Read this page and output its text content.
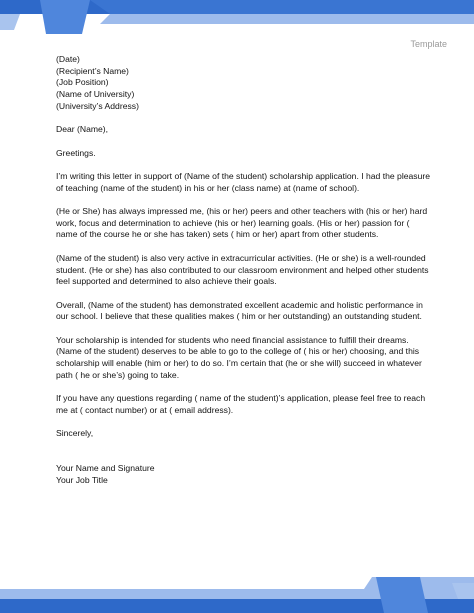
Template
(Date)
(Recipient’s Name)
(Job Position)
(Name of University)
(University’s Address)
Dear (Name),
Greetings.
I’m writing this letter in support of (Name of the student) scholarship application. I had the pleasure
of teaching (name of the student) in his or her (class name) at (name of school).
(He or She) has always impressed me, (his or her) peers and other teachers with (his or her) hard
work, focus and determination to achieve (his or her) learning goals. (His or her) passion for (
name of the course he or she has taken) sets ( him or her) apart from other students.
(Name of the student) is also very active in extracurricular activities. (He or she) is a well-rounded
student. (He or she) has also contributed to our classroom environment and helped other students
feel supported and determined to also achieve their goals.
Overall, (Name of the student) has demonstrated excellent academic and holistic performance in
our school. I believe that these qualities makes ( him or her outstanding) an outstanding student.
Your scholarship is intended for students who need financial assistance to fulfill their dreams.
(Name of the student) deserves to be able to go to the college of ( his or her) choosing, and this
scholarship will enable (him or her) to do so. I’m certain that (he or she will) succeed in whatever
path ( he or she’s) going to take.
If you have any questions regarding ( name of the student)’s application, please feel free to reach
me at ( contact number) or at ( email address).
Sincerely,
Your Name and Signature
Your Job Title
